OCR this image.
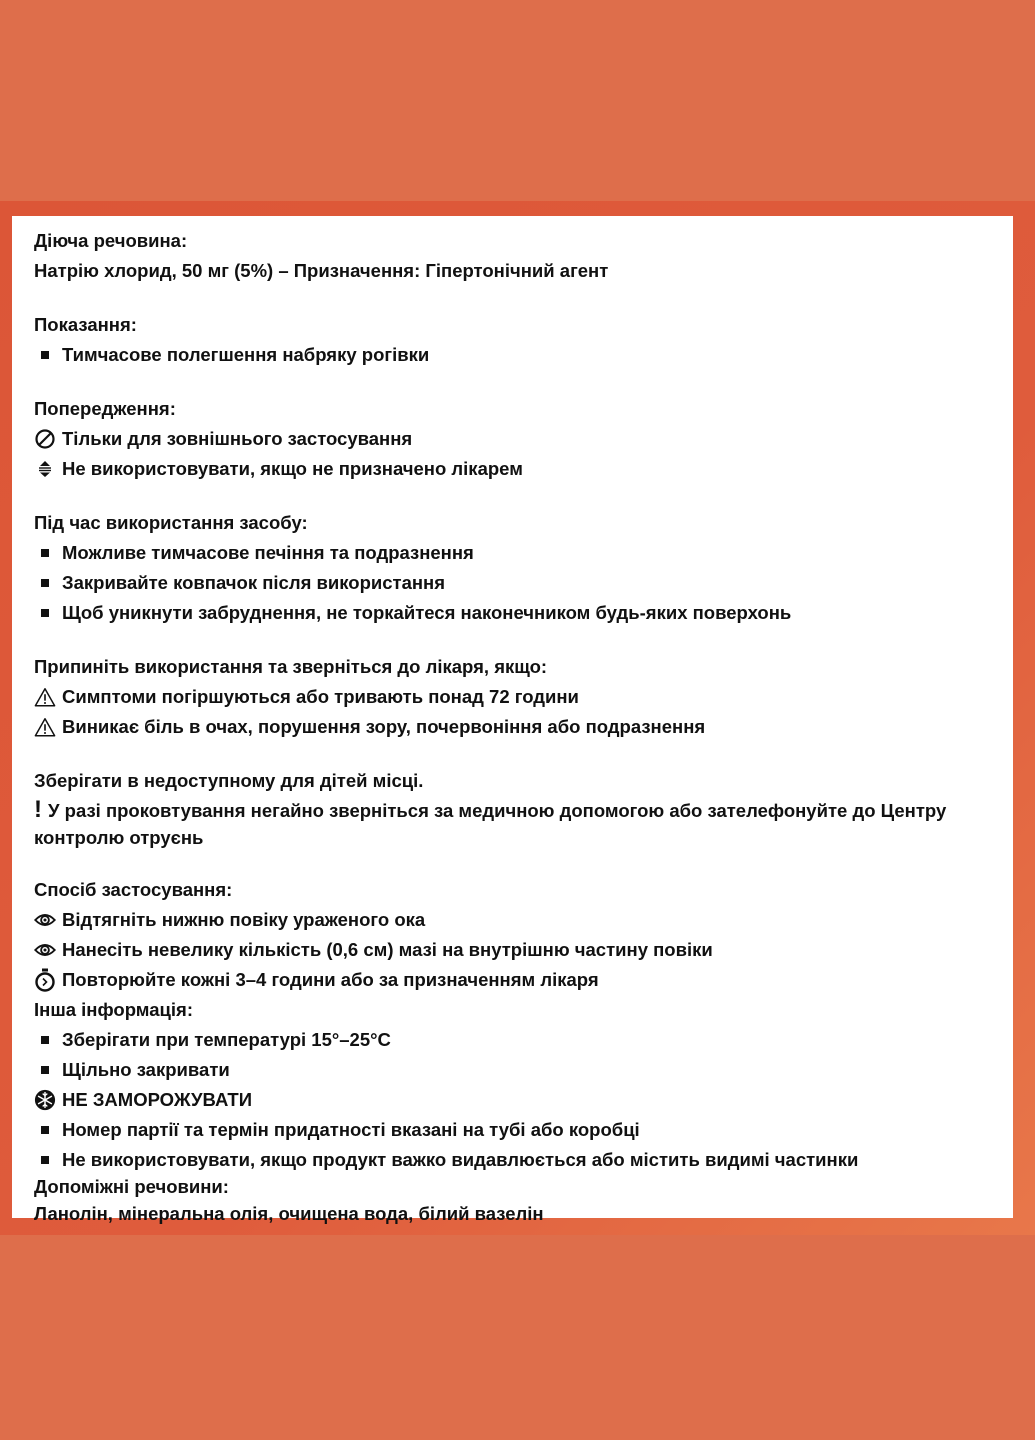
Діюча речовина:
Натрію хлорид, 50 мг (5%) – Призначення: Гіпертонічний агент
Показання:
Тимчасове полегшення набряку рогівки
Попередження:
Тільки для зовнішнього застосування
Не використовувати, якщо не призначено лікарем
Під час використання засобу:
Можливе тимчасове печіння та подразнення
Закривайте ковпачок після використання
Щоб уникнути забруднення, не торкайтеся наконечником будь-яких поверхонь
Припиніть використання та зверніться до лікаря, якщо:
Симптоми погіршуються або тривають понад 72 години
Виникає біль в очах, порушення зору, почервоніння або подразнення
Зберігати в недоступному для дітей місці.
! У разі проковтування негайно зверніться за медичною допомогою або зателефонуйте до Центру контролю отруєнь
Спосіб застосування:
Відтягніть нижню повіку ураженого ока
Нанесіть невелику кількість (0,6 см) мазі на внутрішню частину повіки
Повторюйте кожні 3–4 години або за призначенням лікаря
Інша інформація:
Зберігати при температурі 15°–25°C
Щільно закривати
НЕ ЗАМОРОЖУВАТИ
Номер партії та термін придатності вказані на тубі або коробці
Не використовувати, якщо продукт важко видавлюється або містить видимі частинки
Допоміжні речовини:
Ланолін, мінеральна олія, очищена вода, білий вазелін
